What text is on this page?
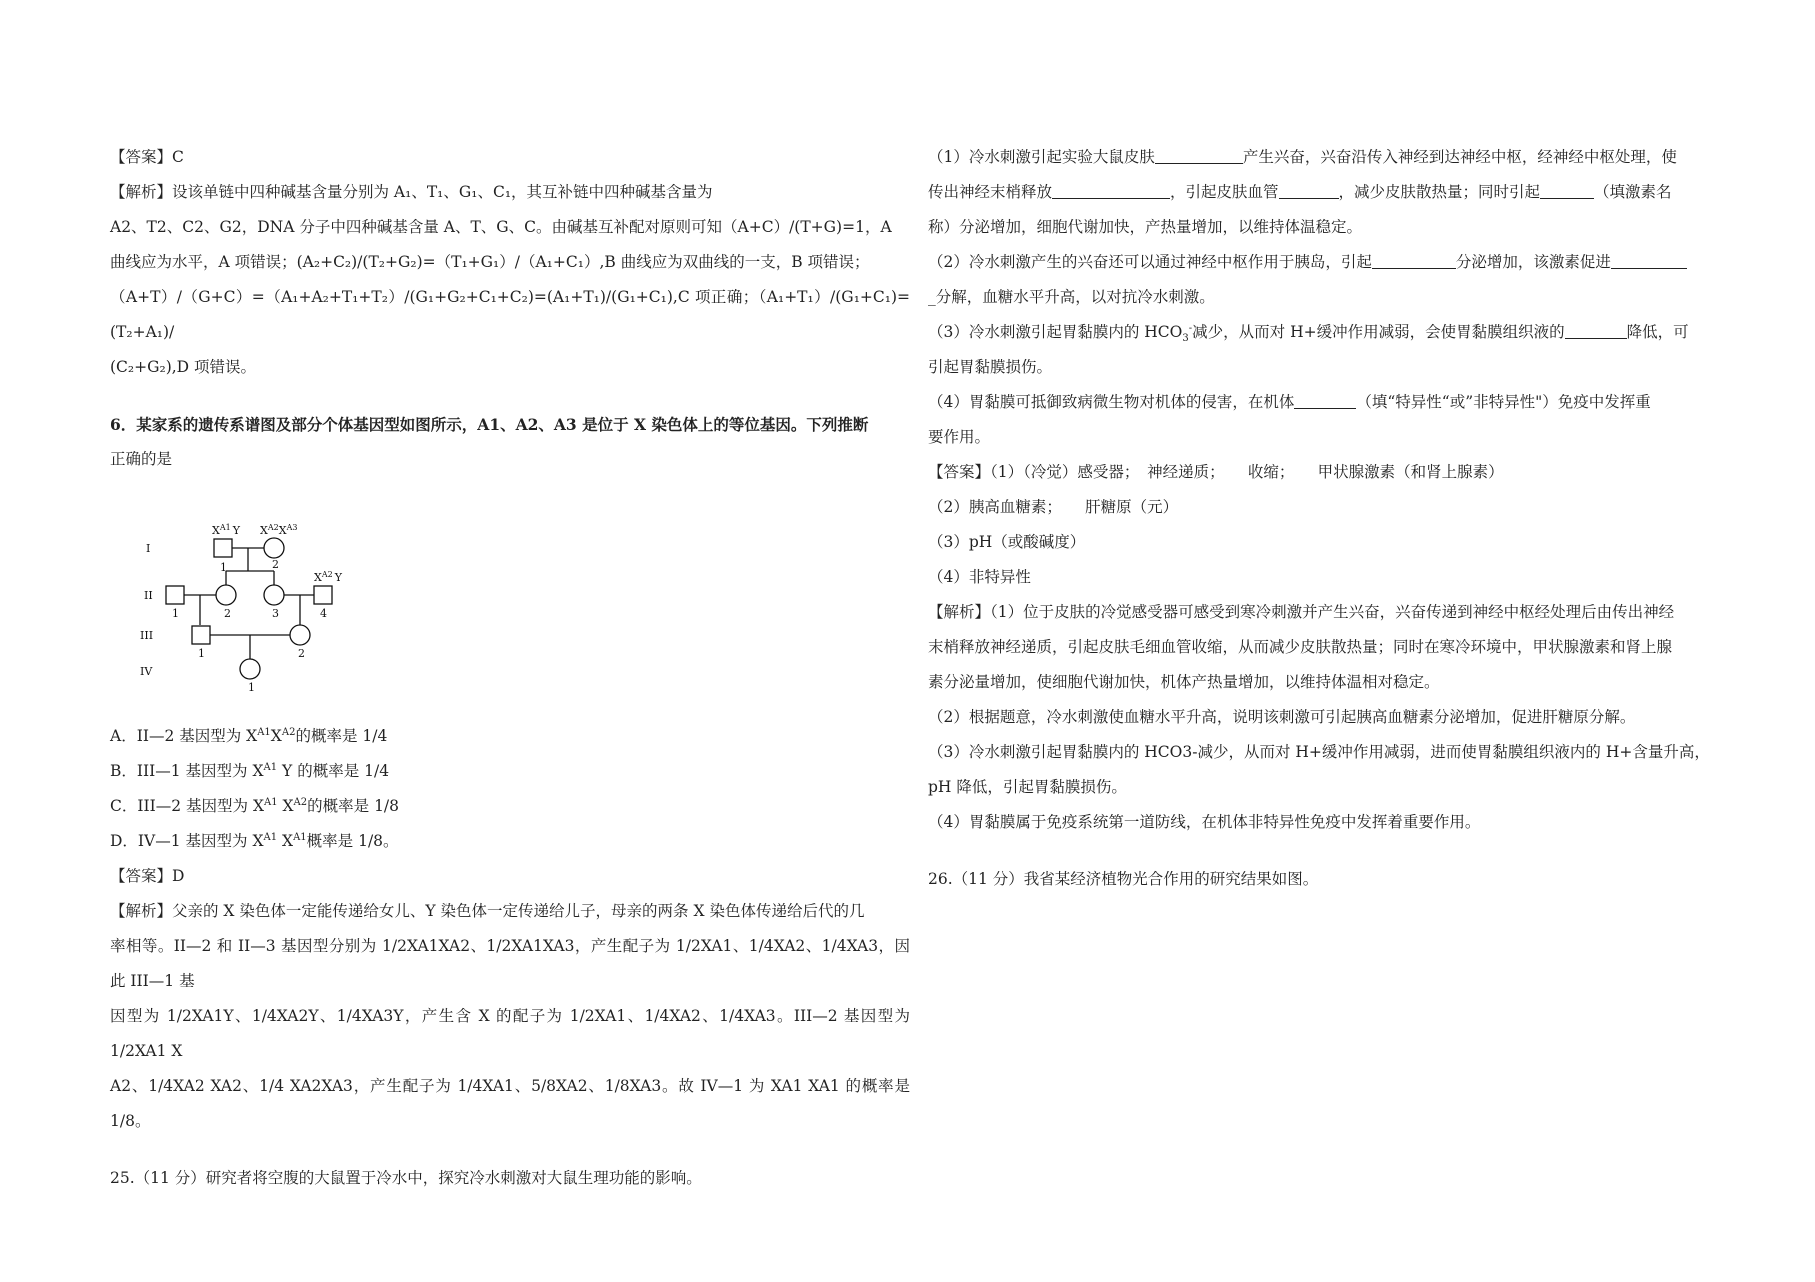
【答案】C

【解析】设该单链中四种碱基含量分别为 A₁、T₁、G₁、C₁，其互补链中四种碱基含量为

A2、T2、C2、G2，DNA 分子中四种碱基含量 A、T、G、C。由碱基互补配对原则可知（A+C）/(T+G)=1，A

曲线应为水平，A 项错误；(A₂+C₂)/(T₂+G₂)=（T₁+G₁）/（A₁+C₁）,B 曲线应为双曲线的一支，B 项错误；

（A+T）/（G+C）=（A₁+A₂+T₁+T₂）/(G₁+G₂+C₁+C₂)=(A₁+T₁)/(G₁+C₁),C 项正确；（A₁+T₁）/(G₁+C₁)=(T₂+A₁)/

(C₂+G₂),D 项错误。

6．某家系的遗传系谱图及部分个体基因型如图所示，A1、A2、A3 是位于 X 染色体上的等位基因。下列推断

正确的是

I
II
III
IV
$X^{A1}$ Y $X^{A2}X^{A3}$
$X^{A2}$ Y
1	2
1	2	3	4
1	2
1

A．II—2 基因型为 $X^{A1}X^{A2}$的概率是 1/4

B．III—1 基因型为 $X^{A1}$ Y 的概率是 1/4

C．III—2 基因型为 $X^{A1}$ $X^{A2}$的概率是 1/8

D．IV—1 基因型为 $X^{A1}$ $X^{A1}$概率是 1/8。

【答案】D

【解析】父亲的 X 染色体一定能传递给女儿、Y 染色体一定传递给儿子，母亲的两条 X 染色体传递给后代的几

率相等。II—2 和 II—3 基因型分别为 1/2XA1XA2、1/2XA1XA3，产生配子为 1/2XA1、1/4XA2、1/4XA3，因此 III—1 基

因型为 1/2XA1Y、1/4XA2Y、1/4XA3Y，产生含 X 的配子为 1/2XA1、1/4XA2、1/4XA3。III—2 基因型为 1/2XA1 X

A2、1/4XA2 XA2、1/4 XA2XA3，产生配子为 1/4XA1、5/8XA2、1/8XA3。故 IV—1 为 XA1 XA1 的概率是 1/8。

25.（11 分）研究者将空腹的大鼠置于冷水中，探究冷水刺激对大鼠生理功能的影响。

（1）冷水刺激引起实验大鼠皮肤	产生兴奋，兴奋沿传入神经到达神经中枢，经神经中枢处理，使

传出神经末梢释放	，引起皮肤血管	，减少皮肤散热量；同时引起	（填激素名

称）分泌增加，细胞代谢加快，产热量增加，以维持体温稳定。

（2）冷水刺激产生的兴奋还可以通过神经中枢作用于胰岛，引起	分泌增加，该激素促进

_分解，血糖水平升高，以对抗冷水刺激。

（3）冷水刺激引起胃黏膜内的 $HCO_3^-$减少，从而对 H+缓冲作用减弱，会使胃黏膜组织液的	降低，可

引起胃黏膜损伤。

（4）胃黏膜可抵御致病微生物对机体的侵害，在机体	（填“特异性“或”非特异性"）免疫中发挥重

要作用。

【答案】（1）（冷觉）感受器；　神经递质；　　收缩；　　甲状腺激素（和肾上腺素）

（2）胰高血糖素；　　肝糖原（元）

（3）pH（或酸碱度）

（4）非特异性

【解析】（1）位于皮肤的冷觉感受器可感受到寒冷刺激并产生兴奋，兴奋传递到神经中枢经处理后由传出神经

末梢释放神经递质，引起皮肤毛细血管收缩，从而减少皮肤散热量；同时在寒冷环境中，甲状腺激素和肾上腺

素分泌量增加，使细胞代谢加快，机体产热量增加，以维持体温相对稳定。

（2）根据题意，冷水刺激使血糖水平升高，说明该刺激可引起胰高血糖素分泌增加，促进肝糖原分解。

（3）冷水刺激引起胃黏膜内的 HCO3-减少，从而对 H+缓冲作用减弱，进而使胃黏膜组织液内的 H+含量升高，

pH 降低，引起胃黏膜损伤。

（4）胃黏膜属于免疫系统第一道防线，在机体非特异性免疫中发挥着重要作用。

26.（11 分）我省某经济植物光合作用的研究结果如图。
